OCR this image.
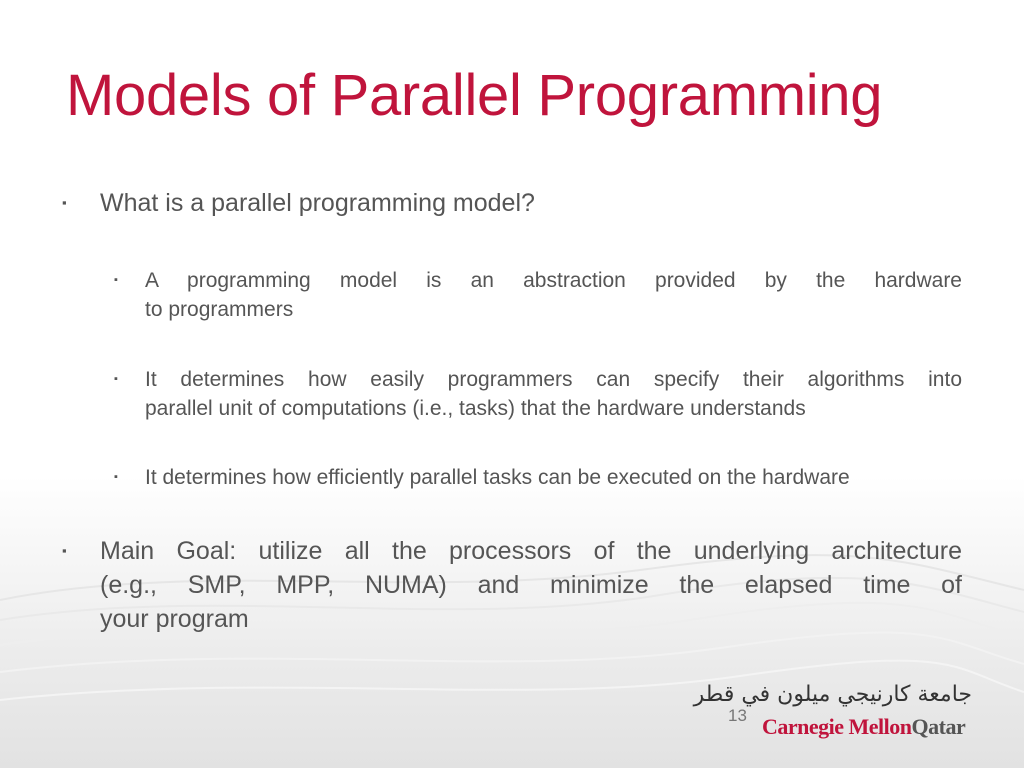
Models of Parallel Programming
▪ What is a parallel programming model?
▪ A programming model is an abstraction provided by the hardware
to programmers
▪ It determines how easily programmers can specify their algorithms into
parallel unit of computations (i.e., tasks) that the hardware understands
▪ It determines how efficiently parallel tasks can be executed on the hardware
▪ Main Goal: utilize all the processors of the underlying architecture
(e.g., SMP, MPP, NUMA) and minimize the elapsed time of
your program
13
جامعة كارنيجي ميلون في قطر
Carnegie MellonQatar
